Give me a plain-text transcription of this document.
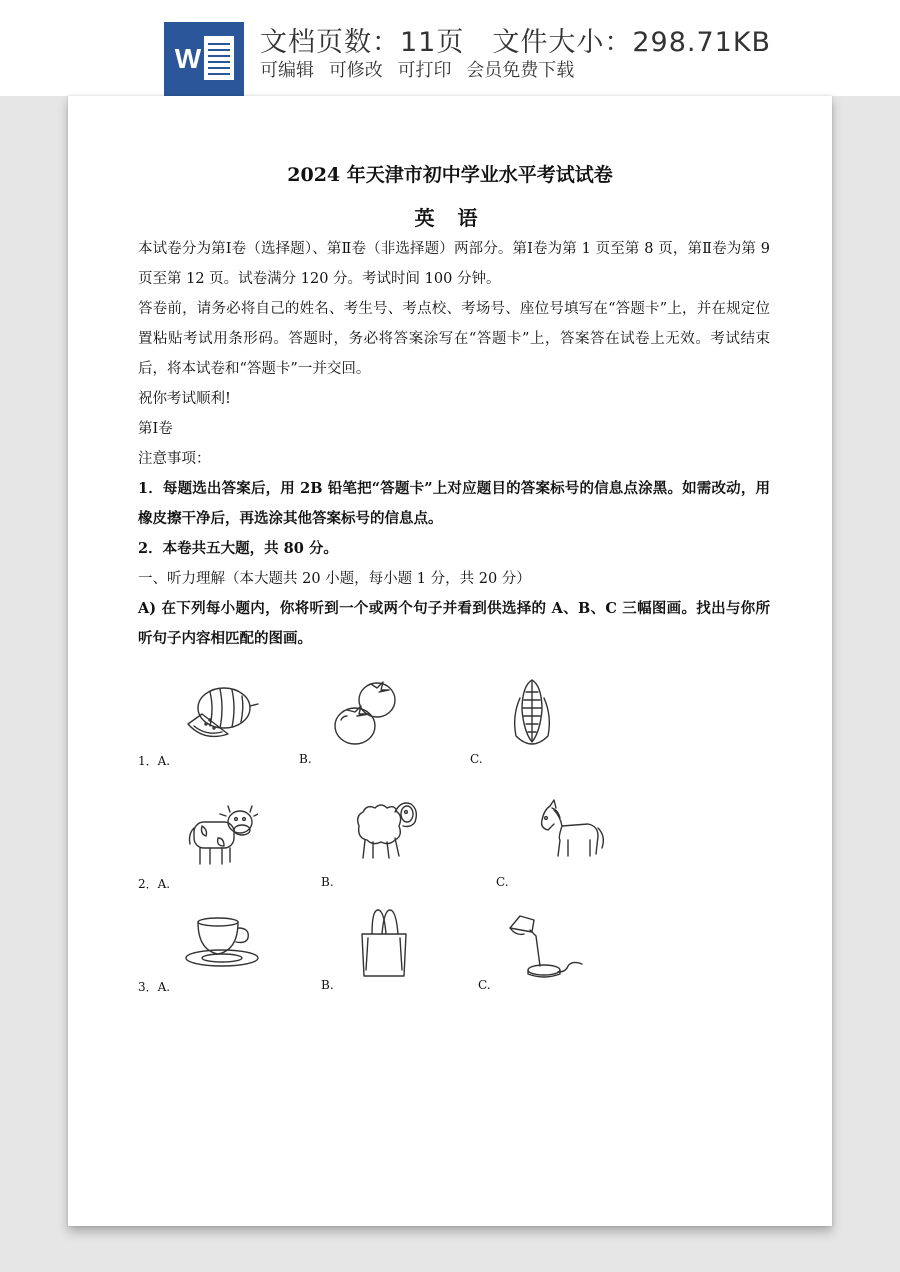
W
文档页数：11页 文件大小：298.71KB
可编辑 可修改 可打印 会员免费下载
2024 年天津市初中学业水平考试试卷
英 语

本试卷分为第Ⅰ卷（选择题）、第Ⅱ卷（非选择题）两部分。第Ⅰ卷为第 1 页至第 8 页，第Ⅱ卷为第 9 页至第 12 页。试卷满分 120 分。考试时间 100 分钟。

答卷前，请务必将自己的姓名、考生号、考点校、考场号、座位号填写在“答题卡”上，并在规定位置粘贴考试用条形码。答题时，务必将答案涂写在“答题卡”上，答案答在试卷上无效。考试结束后，将本试卷和“答题卡”一并交回。

祝你考试顺利!

第Ⅰ卷

注意事项：

1．每题选出答案后，用 2B 铅笔把“答题卡”上对应题目的答案标号的信息点涂黑。如需改动，用橡皮擦干净后，再选涂其他答案标号的信息点。

2．本卷共五大题，共 80 分。

一、听力理解（本大题共 20 小题，每小题 1 分，共 20 分）

A) 在下列每小题内，你将听到一个或两个句子并看到供选择的 A、B、C 三幅图画。找出与你所听句子内容相匹配的图画。

1．A.	B.	C.
2．A.	B.	C.
3．A.	B.	C.
